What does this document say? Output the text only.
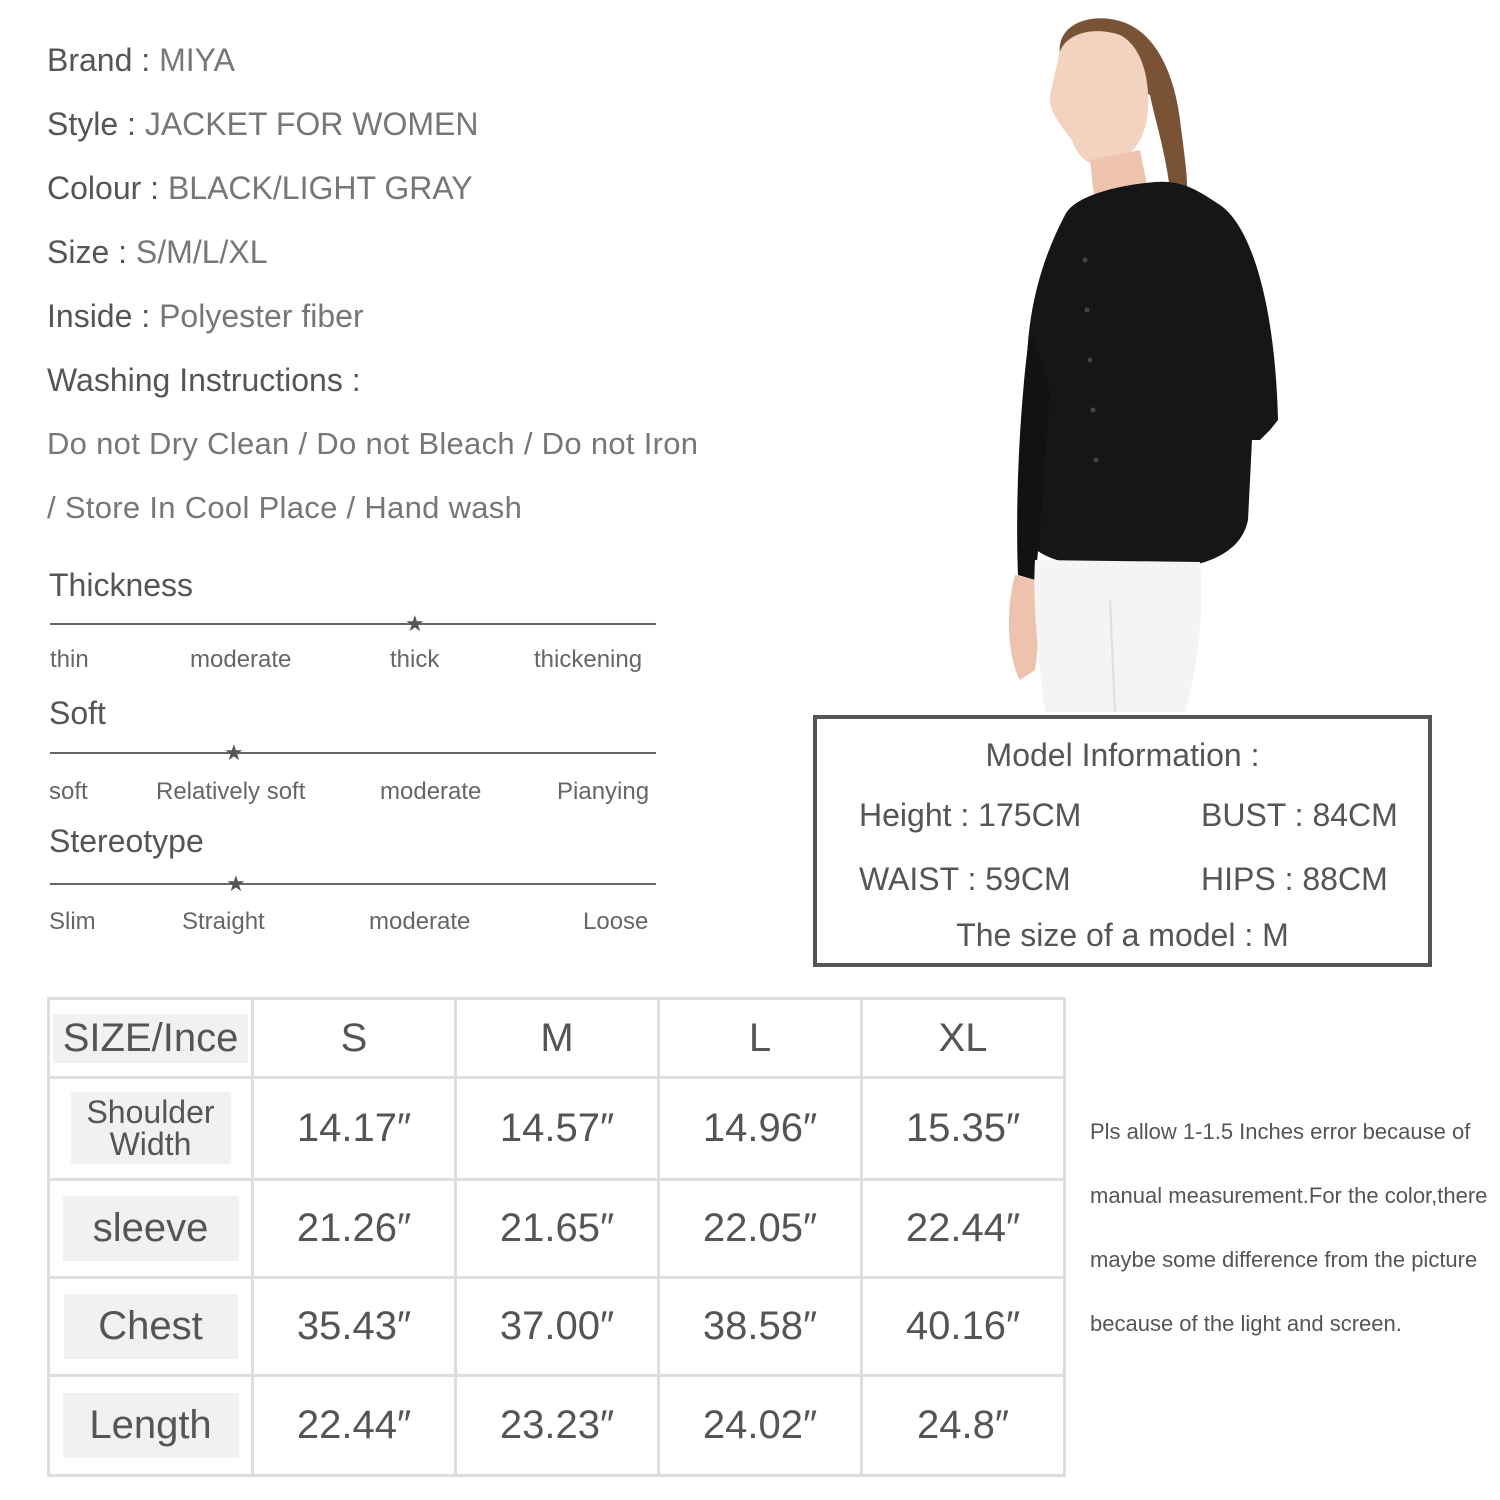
Brand : MIYA
Style : JACKET FOR WOMEN
Colour : BLACK/LIGHT GRAY
Size : S/M/L/XL
Inside : Polyester fiber
Washing Instructions :
Do not Dry Clean / Do not Bleach / Do not Iron
/ Store In Cool Place / Hand wash
Thickness
★
thin	moderate	thick	thickening
Soft
★
soft	Relatively soft	moderate	Pianying
Stereotype
★
Slim	Straight	moderate	Loose
Model Information :
Height : 175CM	BUST : 84CM
WAIST : 59CM	HIPS : 88CM
The size of a model : M
SIZE/Ince	S	M	L	XL
Shoulder Width	14.17″	14.57″	14.96″	15.35″
sleeve	21.26″	21.65″	22.05″	22.44″
Chest	35.43″	37.00″	38.58″	40.16″
Length	22.44″	23.23″	24.02″	24.8″
Pls allow 1-1.5 Inches error because of manual measurement.For the color,there maybe some difference from the picture because of the light and screen.
